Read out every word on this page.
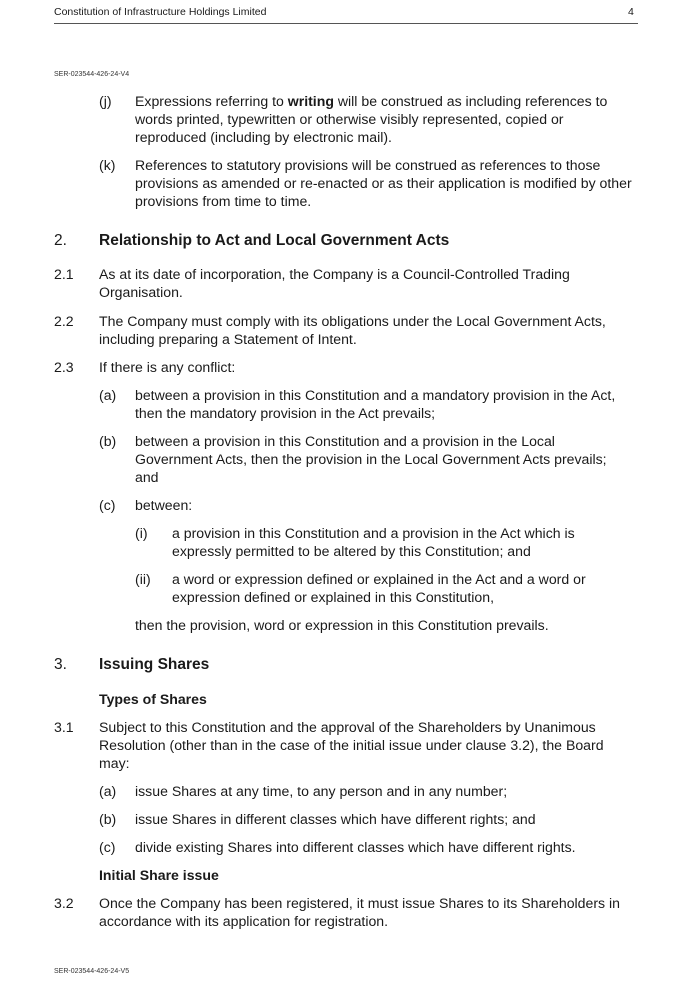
Constitution of Infrastructure Holdings Limited	4
SER-023544-426-24-V4
(j) Expressions referring to writing will be construed as including references to words printed, typewritten or otherwise visibly represented, copied or reproduced (including by electronic mail).
(k) References to statutory provisions will be construed as references to those provisions as amended or re-enacted or as their application is modified by other provisions from time to time.
2. Relationship to Act and Local Government Acts
2.1 As at its date of incorporation, the Company is a Council-Controlled Trading Organisation.
2.2 The Company must comply with its obligations under the Local Government Acts, including preparing a Statement of Intent.
2.3 If there is any conflict:
(a) between a provision in this Constitution and a mandatory provision in the Act, then the mandatory provision in the Act prevails;
(b) between a provision in this Constitution and a provision in the Local Government Acts, then the provision in the Local Government Acts prevails; and
(c) between:
(i) a provision in this Constitution and a provision in the Act which is expressly permitted to be altered by this Constitution; and
(ii) a word or expression defined or explained in the Act and a word or expression defined or explained in this Constitution,
then the provision, word or expression in this Constitution prevails.
3. Issuing Shares
Types of Shares
3.1 Subject to this Constitution and the approval of the Shareholders by Unanimous Resolution (other than in the case of the initial issue under clause 3.2), the Board may:
(a) issue Shares at any time, to any person and in any number;
(b) issue Shares in different classes which have different rights; and
(c) divide existing Shares into different classes which have different rights.
Initial Share issue
3.2 Once the Company has been registered, it must issue Shares to its Shareholders in accordance with its application for registration.
SER-023544-426-24-V5
